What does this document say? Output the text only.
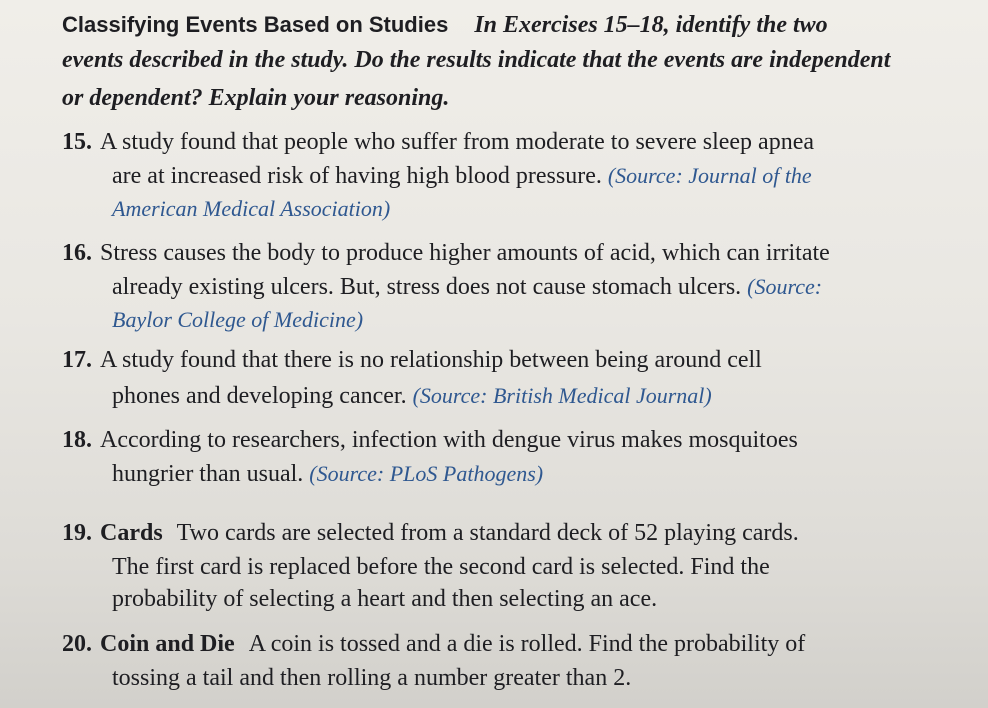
Classifying Events Based on Studies In Exercises 15–18, identify the two
events described in the study. Do the results indicate that the events are independent
or dependent? Explain your reasoning.
15. A study found that people who suffer from moderate to severe sleep apnea
are at increased risk of having high blood pressure. (Source: Journal of the
American Medical Association)
16. Stress causes the body to produce higher amounts of acid, which can irritate
already existing ulcers. But, stress does not cause stomach ulcers. (Source:
Baylor College of Medicine)
17. A study found that there is no relationship between being around cell
phones and developing cancer. (Source: British Medical Journal)
18. According to researchers, infection with dengue virus makes mosquitoes
hungrier than usual. (Source: PLoS Pathogens)
19. Cards Two cards are selected from a standard deck of 52 playing cards.
The first card is replaced before the second card is selected. Find the
probability of selecting a heart and then selecting an ace.
20. Coin and Die A coin is tossed and a die is rolled. Find the probability of
tossing a tail and then rolling a number greater than 2.
